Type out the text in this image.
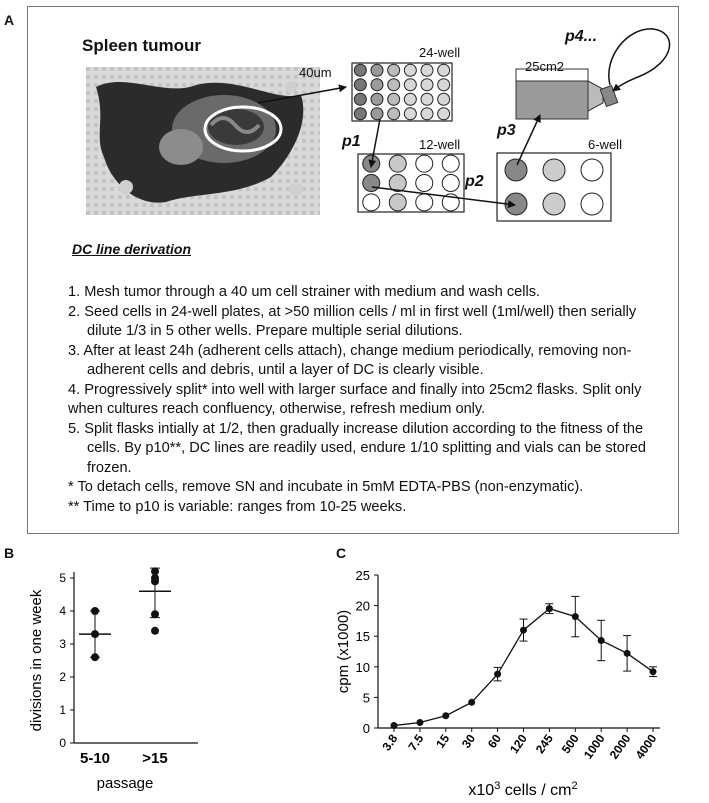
A
Spleen tumour
40um
24-well
12-well	6-well
25cm2
p1
p2
p3
p4...
DC line derivation
1. Mesh tumor through a 40 um cell strainer with medium and wash cells.
2. Seed cells in 24-well plates, at >50 million cells / ml in first well (1ml/well) then serially dilute 1/3 in 5 other wells. Prepare multiple serial dilutions.
3. After at least 24h (adherent cells attach), change medium periodically, removing non-adherent cells and debris, until a layer of DC is clearly visible.
4. Progressively split* into well with larger surface and finally into 25cm2 flasks. Split only when cultures reach confluency, otherwise, refresh medium only.
5. Split flasks intially at 1/2, then gradually increase dilution according to the fitness of the cells. By p10**, DC lines are readily used, endure 1/10 splitting and vials can be stored frozen.
* To detach cells, remove SN and incubate in 5mM EDTA-PBS (non-enzymatic).
** Time to p10 is variable: ranges from 10-25 weeks.
B
0
1
2
3
4
5
5-10 >15
divisions in one week
passage
C
0
5
10
15
20
25
3.8 7.5 15 30 60 120 245 500 1000 2000 4000
cpm (x1000)
$x10^3$ cells / $cm^2$
